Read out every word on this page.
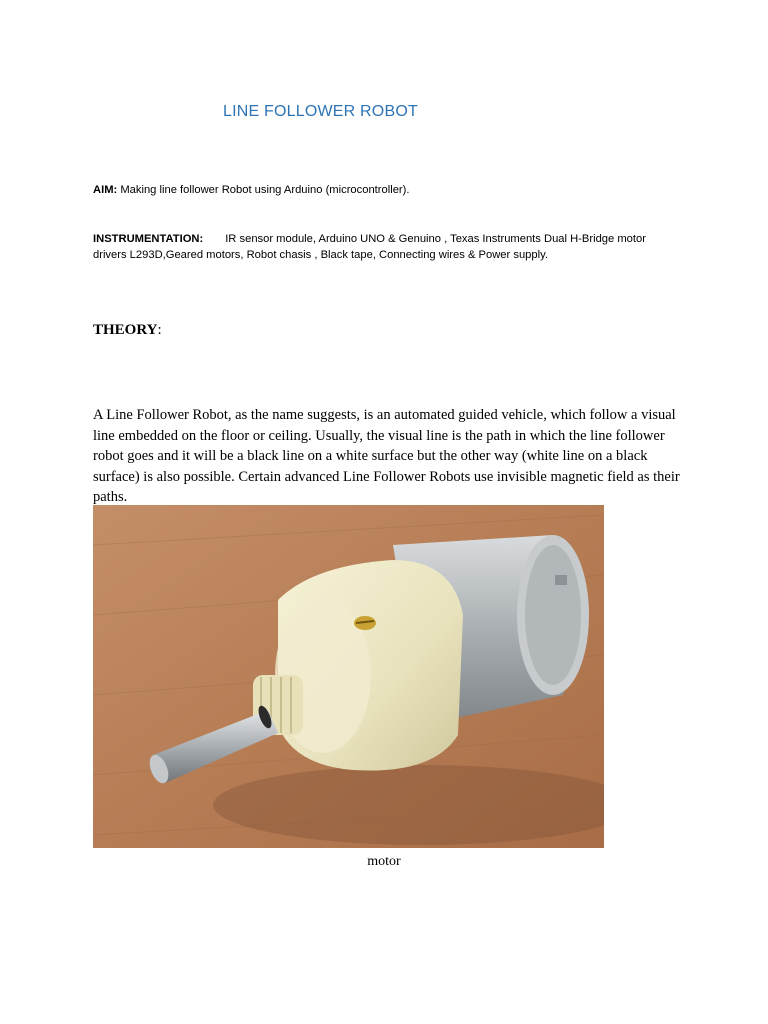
LINE FOLLOWER ROBOT
AIM: Making line follower Robot using Arduino (microcontroller).
INSTRUMENTATION: IR sensor module, Arduino UNO & Genuino , Texas Instruments Dual H-Bridge motor drivers L293D,Geared motors, Robot chasis , Black tape, Connecting wires & Power supply.
THEORY:
A Line Follower Robot, as the name suggests, is an automated guided vehicle, which follow a visual line embedded on the floor or ceiling. Usually, the visual line is the path in which the line follower robot goes and it will be a black line on a white surface but the other way (white line on a black surface) is also possible. Certain advanced Line Follower Robots use invisible magnetic field as their paths.
motor
